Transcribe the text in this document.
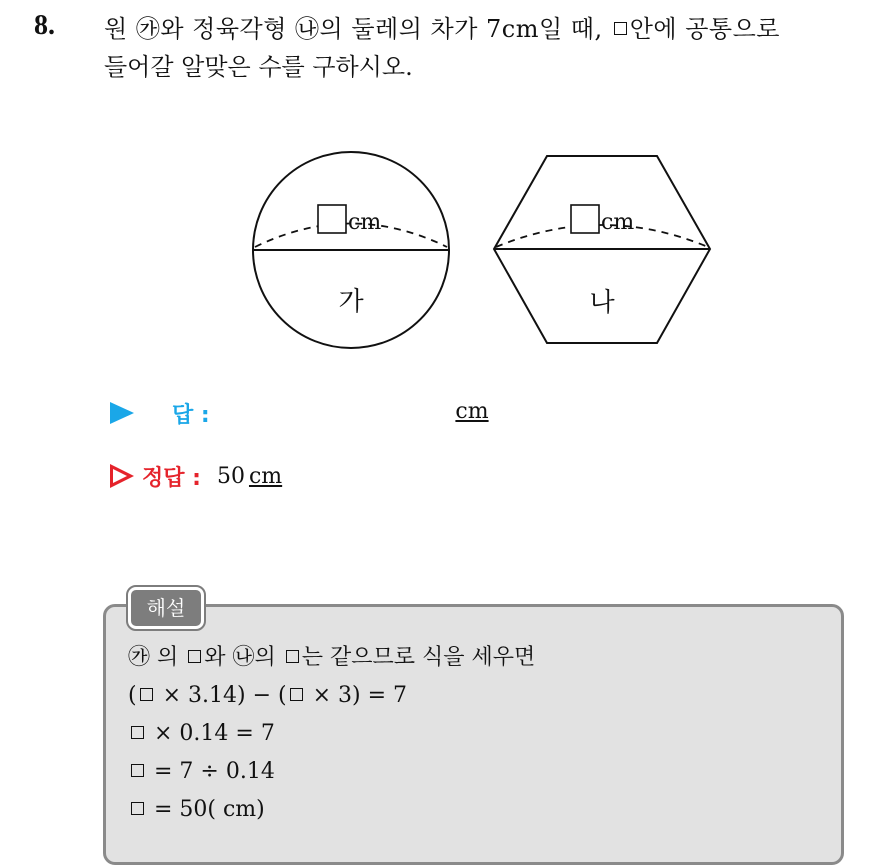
8. 원 ㉮와 정육각형 ㉯의 둘레의 차가 7cm일 때, 안에 공통으로
들어갈 알맞은 수를 구하시오.
cm
가
cm
나
답 :	cm
정답 : 50 cm
해설
㉮ 의 와 ㉯의 는 같으므로 식을 세우면
( × 3.14) − ( × 3) = 7
× 0.14 = 7
= 7 ÷ 0.14
= 50( cm)
